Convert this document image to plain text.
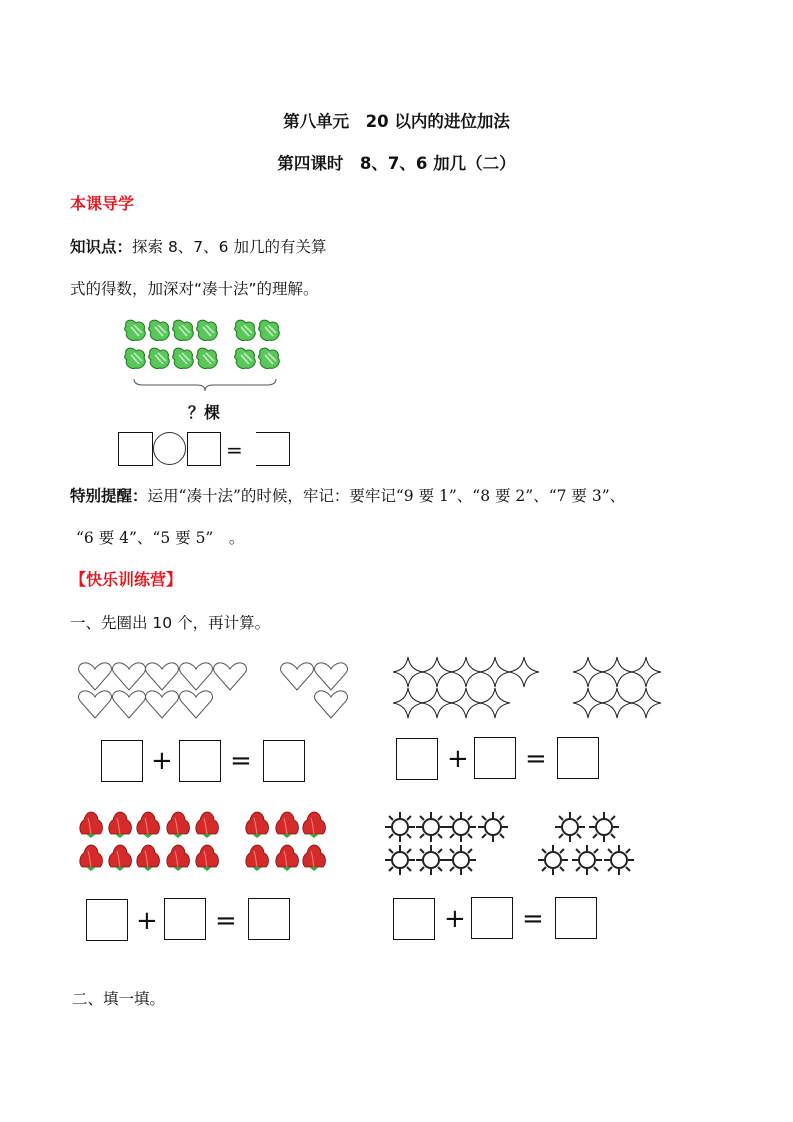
第八单元　20 以内的进位加法
第四课时　8、7、6 加几（二）
本课导学
知识点：探索 8、7、6 加几的有关算
式的得数，加深对“凑十法”的理解。
？棵
=
特别提醒：运用“凑十法”的时候，牢记：要牢记“9 要 1”、“8 要 2”、“7 要 3”、
“6 要 4”、“5 要 5”　。
【快乐训练营】
一、先圈出 10 个，再计算。
+ =	+ =
+ =	+ =
二、填一填。
